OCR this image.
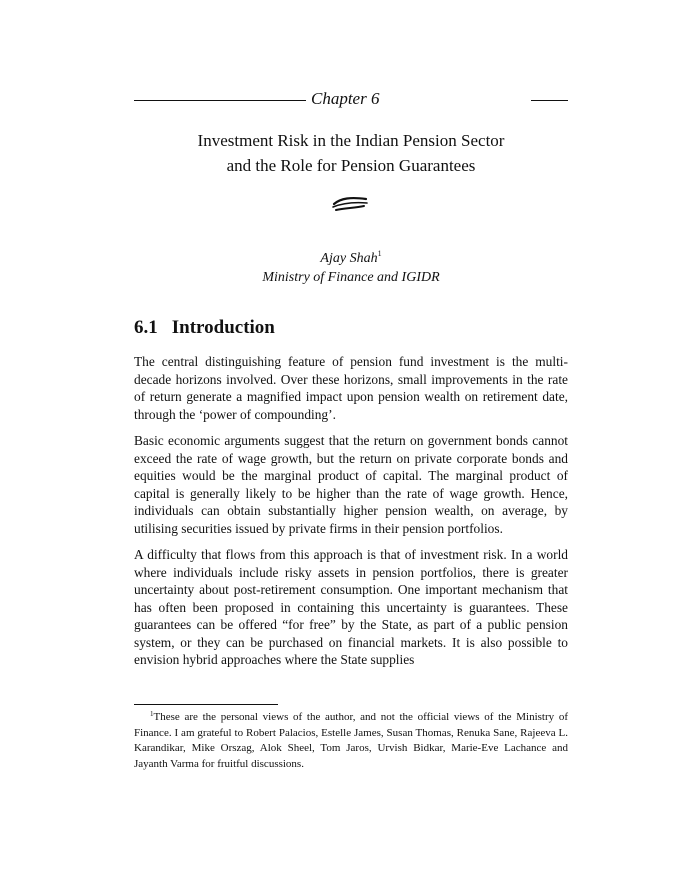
Chapter 6
Investment Risk in the Indian Pension Sector
and the Role for Pension Guarantees
Ajay Shah$^1$
Ministry of Finance and IGIDR
6.1 Introduction

The central distinguishing feature of pension fund investment is the multi-decade horizons involved. Over these horizons, small improvements in the rate of return generate a magnified impact upon pension wealth on retirement date, through the ‘power of compounding’.

Basic economic arguments suggest that the return on government bonds cannot exceed the rate of wage growth, but the return on private corporate bonds and equities would be the marginal product of capital. The marginal product of capital is generally likely to be higher than the rate of wage growth. Hence, individuals can obtain substantially higher pension wealth, on average, by utilising securities issued by private firms in their pension portfolios.

A difficulty that flows from this approach is that of investment risk. In a world where individuals include risky assets in pension portfolios, there is greater uncertainty about post-retirement consumption. One important mechanism that has often been proposed in containing this uncertainty is guarantees. These guarantees can be offered “for free” by the State, as part of a public pension system, or they can be purchased on financial markets. It is also possible to envision hybrid approaches where the State supplies

$^1$These are the personal views of the author, and not the official views of the Ministry of Finance. I am grateful to Robert Palacios, Estelle James, Susan Thomas, Renuka Sane, Rajeeva L. Karandikar, Mike Orszag, Alok Sheel, Tom Jaros, Urvish Bidkar, Marie-Eve Lachance and Jayanth Varma for fruitful discussions.
